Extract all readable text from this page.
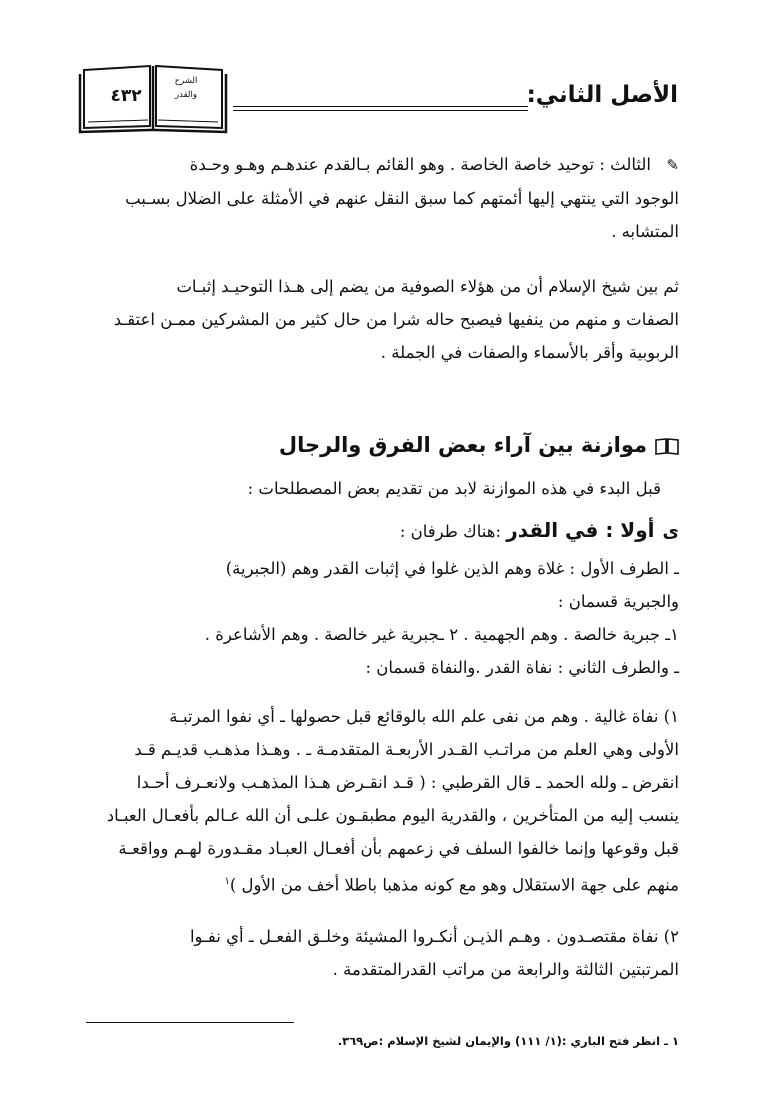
٤٣٢
الشرح
والقدر	الأصل الثاني:
✎الثالث : توحيد خاصة الخاصة . وهو القائم بـالقدم عندهـم وهـو وحـدة
الوجود التي ينتهي إليها أئمتهم كما سبق النقل عنهم في الأمثلة على الضلال بسـبب
المتشابه .
ثم بين شيخ الإسلام أن من هؤلاء الصوفية من يضم إلى هـذا التوحيـد إثبـات
الصفات و منهم من ينفيها فيصبح حاله شرا من حال كثير من المشركين ممـن اعتقـد
الربوبية وأقر بالأسماء والصفات في الجملة .
موازنة بين آراء بعض الفرق والرجال
قبل البدء في هذه الموازنة لابد من تقديم بعض المصطلحات :
ﻯأولا : في القدر :هناك طرفان :
ـ الطرف الأول : غلاة وهم الذين غلوا في إثبات القدر وهم (الجبرية)
والجبرية قسمان :
١ـ جبرية خالصة . وهم الجهمية . ٢ ـجبرية غير خالصة . وهم الأشاعرة .
ـ والطرف الثاني : نفاة القدر .والنفاة قسمان :
١) نفاة غالية . وهم من نفى علم الله بالوقائع قبل حصولها ـ أي نفوا المرتبـة
الأولى وهي العلم من مراتـب القـدر الأربعـة المتقدمـة ـ . وهـذا مذهـب قديـم قـد
انقرض ـ ولله الحمد ـ قال القرطبي : ( قـد انقـرض هـذا المذهـب ولانعـرف أحـدا
ينسب إليه من المتأخرين ، والقدرية اليوم مطبقـون علـى أن الله عـالم بأفعـال العبـاد
قبل وقوعها وإنما خالفوا السلف في زعمهم بأن أفعـال العبـاد مقـدورة لهـم وواقعـة
منهم على جهة الاستقلال وهو مع كونه مذهبا باطلا أخف من الأول )$^١$
٢) نفاة مقتصـدون . وهـم الذيـن أنكـروا المشيئة وخلـق الفعـل ـ أي نفـوا
المرتبتين الثالثة والرابعة من مراتب القدرالمتقدمة .
١ ـ انظر فتح الباري :(١/ ١١١) والإيمان لشيخ الإسلام :ص٣٦٩.
